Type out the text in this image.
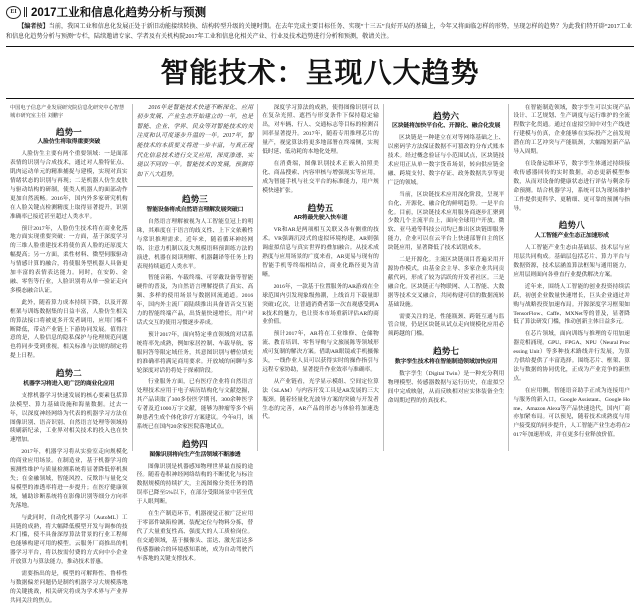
EI	2017工业和信息化趋势分析与预测
【编者按】当前，我国工业和信息化发展正处于新旧动能接续转换、结构转型升级的关键时期。在去年完成主要目标任务、实现“十三五”良好开局的基础上，今年又将面临怎样的形势，呈现怎样的趋势？为此我们特开辟“2017工业和信息化趋势分析与预测”专栏，陆续邀请专家、学者及有关机构院2017年工业和信息化相关产业、行业及技术趋势进行分析和预测，敬请关注。
智能技术：呈现八大趋势
中国电子信息产业发展研究院信息化研究中心智慧城市研究室主任 刘鹏宇
趋势一
人脸仿生将取得重要突破

人脸仿生主要有两个重要领域：一是面部表情的识别与合成技术，通过对人脸特征点、肌肉运动单元的精准捕捉与建模，实现对真实情绪状态的识别与再现；二是机器人仿生皮肤与驱动结构的研制，使类人机器人的面部动作更加自然流畅。2016年，国内外多家研究机构在人脸关键点检测精度上取得显著提升，识别准确率已接近甚至超过人类水平。

预计2017年，人脸仿生技术将在商业化落地方面实现重要突破：一方面，基于深度学习的三维人脸重建技术将使仿真人脸的还原度大幅提高；另一方面，柔性材料、微型伺服驱动与情感计算的融合，将使服务型机器人具备更加丰富的表情表达能力。同时，在安防、金融、零售等行业，人脸识别将从单一验证走向多模态融合认证。

此外，随着算力成本持续下降，以及开源框架与训练数据集的日益丰富，人脸仿生相关的算法接口将被更多开发者调用，应用门槛不断降低，带动产业链上下游协同发展。值得注意的是，人脸信息的隐私保护与伦理规范问题也将同步受到重视，相关标准与法规的制定将提上日程。

趋势二
机器学习将进入更广泛的商业化应用

支撑机器学习快速发展的核心要素包括算法模型、算力基础设施和海量数据。过去一年，以深度神经网络为代表的机器学习方法在图像识别、语音识别、自然语言处理等领域持续刷新纪录，工业界对相关技术的投入也在快速增加。

2017年，机器学习将从实验室走向规模化的商业应用场景。在制造业，基于机器学习的预测性维护与质量检测系统将显著降低停机损失；在金融领域，智能风控、反欺诈与量化交易模型的渗透率将进一步提升；在医疗健康领域，辅助诊断系统将在影像识别等细分方向率先落地。

与此同时，自动化机器学习（AutoML）工具链的成熟，将大幅降低模型开发与调参的技术门槛，使不具备深厚算法背景的行业工程师也能够构建可用的模型。云服务厂商推出的机器学习平台，将以按需付费的方式向中小企业开放算力与算法能力，推动技术普惠。

需要指出的是，模型的可解释性、鲁棒性与数据偏差问题仍是制约机器学习大规模落地的关键挑战，相关研究将成为学术界与产业界共同关注的焦点。

2016年是智能技术快速不断深化、应用初步发展、产业生态开始建立的一年，也是智能、企业、学界、民众等对智能技术的关注度和认可度逐步升温的一年。2017年，智能技术的本质要义将进一步丰富，与真正现代化信息技术进行交叉应用，深度渗透、实现以不同的一年。智能技术的发展，预测将如下八大趋势。
趋势三
智能设备将成自然语言理解发展突破口

自然语言理解被视为人工智能皇冠上的明珠，其难度在于语言的歧义性、上下文依赖性与常识推理需求。近年来，随着循环神经网络、注意力机制以及大规模语料预训练方法的演进，机器在阅读理解、机器翻译等任务上的表现持续逼近人类水平。

智能音箱、车载终端、可穿戴设备等智能硬件的普及，为自然语言理解提供了真实、高频、多样的使用场景与数据回流通道。2016年，国内外主流厂商陆续推出具备语音交互能力的智能终端产品，出货量快速增长，用户对话式交互的使用习惯逐步养成。

预计2017年，面向特定垂直领域的对话系统将率先成熟，例如家居控制、车载导航、客服问答等限定域任务，其意图识别与槽位填充的准确率将满足商用要求。开放域的闲聊与多轮深度对话仍将处于探索阶段。

行业服务方面，已有医疗企业将自然语言处理技术应用于电子病历结构化与文献挖掘，其产品读取了300多份医学期刊、300余种医学专著及近1000万字文献，能够为肿瘤等多个病种患者生成个体化诊疗方案建议。今年8月，该系统已在国内20余家医院落地试点。

趋势四
图像识别将向生产生活领域不断渗透

图像识别是机器感知物理世界最直接的途径。随着卷积神经网络结构的不断优化与标注数据规模的持续扩大，主流图像分类任务的错误率已降至5%以下，在部分受限场景中甚至优于人眼判断。

在生产制造环节，机器视觉正被广泛应用于零部件缺陷检测、装配定位与物料分拣，替代了大量重复性高、强度大的人工质检岗位。在交通领域，基于摄像头、雷达、激光雷达多传感器融合的环境感知系统，成为自动驾驶汽车落地的关键支撑技术。

深度学习算法的成熟，使得图像识别可以在复杂光照、遮挡与形变条件下保持稳定输出，对车辆、行人、交通标志等目标的检测召回率显著提升。2017年，随着专用推理芯片的量产，视觉算法将更多地部署在终端侧，实现低时延、低功耗的本地化处理。

在消费端，图像识别技术正嵌入拍照美化、商品搜索、内容审核与增强现实等应用，成为智能手机与社交平台的标准能力，用户规模快速扩张。

趋势五
AR将最先驶入快车道

VR和AR是两项相互关联又各有侧重的技术。VR强调沉浸式的虚拟环境构建，AR则强调虚拟信息与真实世界的叠加融合。从技术成熟度与应用场景的广度来看，AR更易与现有的智能手机等终端相结合，商业化路径更为清晰。

2016年，一款基于位置服务的AR游戏在全球范围内引发现象级热潮，上线首月下载量即突破1亿次，让普通消费者第一次直观感受到AR技术的魅力，也让资本市场重新评估AR的商业价值。

预计2017年，AR将在工业维修、仓储物流、教育培训、零售导购与文旅展陈等领域形成可复制的解决方案。借助AR眼镜或手机摄像头，一线作业人员可以获得实时的操作指引与远程专家协助，显著提升作业效率与准确率。

从产业链看，光学显示模组、空间定位算法（SLAM）与内容开发工具是AR发展的三大瓶颈。随着轻量化光波导方案的突破与开发者生态的完善，AR产品的形态与体验将加速迭代。

趋势六
区块链将加快平台化、开源化、融合化发展

区块链是一种建立在对等网络基础之上、以密码学方法保证数据不可篡改的分布式账本技术。经过概念验证与小范围试点，区块链技术应用正从单一数字货币场景，转向供应链金融、跨境支付、数字存证、政务数据共享等更广泛的领域。

当前，区块链技术应用深化阶段，呈现平台化、开源化、融合化的鲜明趋势。一是平台化。目前，区块链技术应用服务商逐步汇聚到少数几个主流平台上，面向全球用户开放。微软、亚马逊等科技公司均已推出区块链即服务能力，企业可以在云平台上快速部署自主的区块链应用，显著降低了技术试错成本。

二是开源化。主流区块链项目普遍采用开源协作模式，由基金会主导、多家企业共同贡献代码，形成了较为活跃的开发者社区。三是融合化。区块链正与物联网、人工智能、大数据等技术交叉融合，共同构建可信的数据流转基础设施。

需要关注的是，性能瓶颈、跨链互通与监管合规，仍是区块链从试点走向规模化应用必须跨越的门槛。

趋势七
数字孪生技术将在智能制造领域加快应用

数字孪生（Digital Twin）是一种充分利用物理模型、传感器数据与运行历史，在虚拟空间中完成映射，从而反映相对应实体装备全生命周期过程的仿真技术。

在智能制造领域，数字孪生可以实现产品设计、工艺规划、生产调度与运行维护的全流程数字化贯通。通过在虚拟空间中对生产线进行建模与仿真，企业能够在实际投产之前发现潜在的工艺冲突与产能瓶颈，大幅缩短新产品导入周期。

在设备运维环节，数字孪生体通过持续接收传感器回传的实时数据，动态更新模型参数，从而对设备的健康状态进行评估与剩余寿命预测。结合机器学习，系统可以为现场维护工作提供更科学、更精细、更可靠的预测与指导。

趋势八
人工智能产业生态正加速形成

人工智能产业生态由基础层、技术层与应用层共同构成。基础层包括芯片、算力平台与数据资源，技术层涵盖算法框架与通用能力，应用层则面向各垂直行业提供解决方案。

近年来，围绕人工智能的创业投资持续活跃，初创企业数量快速增长，巨头企业通过并购与战略投资加速布局。开源深度学习框架如TensorFlow、Caffe、MXNet等的普及，显著降低了算法研发门槛，推动创新主体日益多元。

在芯片领域，面向训练与推理的专用加速器竞相涌现，GPU、FPGA、NPU（Neural Processing Unit）等多种技术路线并行发展，为算力供给提供了丰富选择。围绕芯片、框架、算法与数据的协同优化，正成为产业竞争的新焦点。

在应用侧，智能语音助手正成为连接用户与服务的新入口，Google Assistant、Google Home、Amazon Alexa等产品快速迭代，国内厂商亦加紧布局。可以预见，随着技术成熟度与用户接受度的同步提升，人工智能产业生态将在2017年加速形成，并在更多行业释放价值。
